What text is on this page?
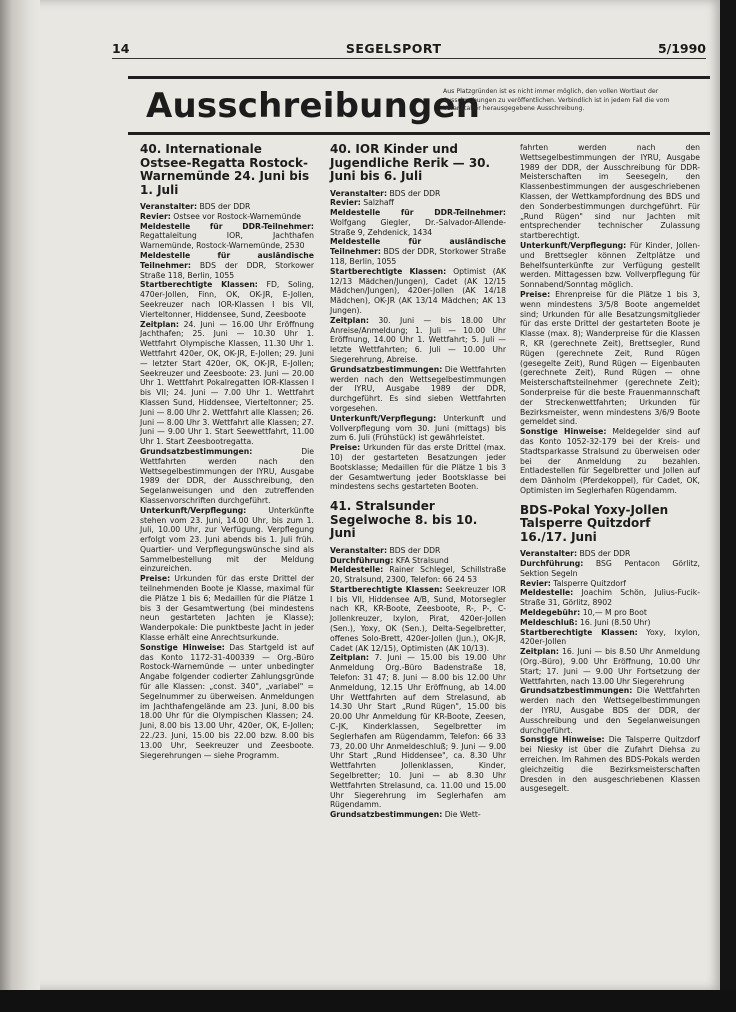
14	SEGELSPORT	5/1990
Ausschreibungen
Aus Platzgründen ist es nicht immer möglich, den vollen Wortlaut der Ausschreibungen zu veröffentlichen. Verbindlich ist in jedem Fall die vom Veranstalter herausgegebene Ausschreibung.
40. Internationale Ostsee-Regatta Rostock-Warnemünde 24. Juni bis 1. Juli

Veranstalter: BDS der DDR

Revier: Ostsee vor Rostock-Warnemünde

Meldestelle für DDR-Teilnehmer: Regattaleitung IOR, Jachthafen Warnemünde, Rostock-Warnemünde, 2530

Meldestelle für ausländische Teilnehmer: BDS der DDR, Storkower Straße 118, Berlin, 1055

Startberechtigte Klassen: FD, Soling, 470er-Jollen, Finn, OK, OK-JR, E-Jollen, Seekreuzer nach IOR-Klassen I bis VII, Vierteltonner, Hiddensee, Sund, Zeesboote

Zeitplan: 24. Juni — 16.00 Uhr Eröffnung Jachthafen; 25. Juni — 10.30 Uhr 1. Wettfahrt Olympische Klassen, 11.30 Uhr 1. Wettfahrt 420er, OK, OK-JR, E-Jollen; 29. Juni — letzter Start 420er, OK, OK-JR, E-Jollen; Seekreuzer und Zeesboote: 23. Juni — 20.00 Uhr 1. Wettfahrt Pokalregatten IOR-Klassen I bis VII; 24. Juni — 7.00 Uhr 1. Wettfahrt Klassen Sund, Hiddensee, Vierteltonner; 25. Juni — 8.00 Uhr 2. Wettfahrt alle Klassen; 26. Juni — 8.00 Uhr 3. Wettfahrt alle Klassen; 27. Juni — 9.00 Uhr 1. Start Seewettfahrt, 11.00 Uhr 1. Start Zeesbootregatta.

Grundsatzbestimmungen: Die Wettfahrten werden nach den Wettsegelbestimmungen der IYRU, Ausgabe 1989 der DDR, der Ausschreibung, den Segelanweisungen und den zutreffenden Klassenvorschriften durchgeführt.

Unterkunft/Verpflegung: Unterkünfte stehen vom 23. Juni, 14.00 Uhr, bis zum 1. Juli, 10.00 Uhr, zur Verfügung. Verpflegung erfolgt vom 23. Juni abends bis 1. Juli früh. Quartier- und Verpflegungswünsche sind als Sammelbestellung mit der Meldung einzureichen.

Preise: Urkunden für das erste Drittel der teilnehmenden Boote je Klasse, maximal für die Plätze 1 bis 6; Medaillen für die Plätze 1 bis 3 der Gesamtwertung (bei mindestens neun gestarteten Jachten je Klasse); Wanderpokale: Die punktbeste Jacht in jeder Klasse erhält eine Anrechtsurkunde.

Sonstige Hinweise: Das Startgeld ist auf das Konto 1172-31-400339 — Org.-Büro Rostock-Warnemünde — unter unbedingter Angabe folgender codierter Zahlungsgründe für alle Klassen: „const. 340", „variabel" = Segelnummer zu überweisen. Anmeldungen im Jachthafengelände am 23. Juni, 8.00 bis 18.00 Uhr für die Olympischen Klassen; 24. Juni, 8.00 bis 13.00 Uhr, 420er, OK, E-Jollen; 22./23. Juni, 15.00 bis 22.00 bzw. 8.00 bis 13.00 Uhr, Seekreuzer und Zeesboote. Siegerehrungen — siehe Programm.

40. IOR Kinder und Jugendliche Rerik — 30. Juni bis 6. Juli

Veranstalter: BDS der DDR

Revier: Salzhaff

Meldestelle für DDR-Teilnehmer: Wolfgang Giegler, Dr.-Salvador-Allende-Straße 9, Zehdenick, 1434

Meldestelle für ausländische Teilnehmer: BDS der DDR, Storkower Straße 118, Berlin, 1055

Startberechtigte Klassen: Optimist (AK 12/13 Mädchen/Jungen), Cadet (AK 12/15 Mädchen/Jungen), 420er-Jollen (AK 14/18 Mädchen), OK-JR (AK 13/14 Mädchen; AK 13 Jungen).

Zeitplan: 30. Juni — bis 18.00 Uhr Anreise/Anmeldung; 1. Juli — 10.00 Uhr Eröffnung, 14.00 Uhr 1. Wettfahrt; 5. Juli — letzte Wettfahrten; 6. Juli — 10.00 Uhr Siegerehrung, Abreise.

Grundsatzbestimmungen: Die Wettfahrten werden nach den Wettsegelbestimmungen der IYRU, Ausgabe 1989 der DDR, durchgeführt. Es sind sieben Wettfahrten vorgesehen.

Unterkunft/Verpflegung: Unterkunft und Vollverpflegung vom 30. Juni (mittags) bis zum 6. Juli (Frühstück) ist gewährleistet.

Preise: Urkunden für das erste Drittel (max. 10) der gestarteten Besatzungen jeder Bootsklasse; Medaillen für die Plätze 1 bis 3 der Gesamtwertung jeder Bootsklasse bei mindestens sechs gestarteten Booten.

41. Stralsunder Segelwoche 8. bis 10. Juni

Veranstalter: BDS der DDR

Durchführung: KFA Stralsund

Meldestelle: Rainer Schlegel, Schillstraße 20, Stralsund, 2300, Telefon: 66 24 53

Startberechtigte Klassen: Seekreuzer IOR I bis VII, Hiddensee A/B, Sund, Motorsegler nach KR, KR-Boote, Zeesboote, R-, P-, C-Jollenkreuzer, Ixylon, Pirat, 420er-Jollen (Sen.), Yoxy, OK (Sen.), Delta-Segelbretter, offenes Solo-Brett, 420er-Jollen (Jun.), OK-JR, Cadet (AK 12/15), Optimisten (AK 10/13).

Zeitplan: 7. Juni — 15.00 bis 19.00 Uhr Anmeldung Org.-Büro Badenstraße 18, Telefon: 31 47; 8. Juni — 8.00 bis 12.00 Uhr Anmeldung, 12.15 Uhr Eröffnung, ab 14.00 Uhr Wettfahrten auf dem Strelasund, ab 14.30 Uhr Start „Rund Rügen", 15.00 bis 20.00 Uhr Anmeldung für KR-Boote, Zeesen, C-JK, Kinderklassen, Segelbretter im Seglerhafen am Rügendamm, Telefon: 66 33 73, 20.00 Uhr Anmeldeschluß; 9. Juni — 9.00 Uhr Start „Rund Hiddensee", ca. 8.30 Uhr Wettfahrten Jollenklassen, Kinder, Segelbretter; 10. Juni — ab 8.30 Uhr Wettfahrten Strelasund, ca. 11.00 und 15.00 Uhr Siegerehrung im Seglerhafen am Rügendamm.

Grundsatzbestimmungen: Die Wett-

fahrten werden nach den Wettsegelbestimmungen der IYRU, Ausgabe 1989 der DDR, der Ausschreibung für DDR-Meisterschaften im Seesegeln, den Klassenbestimmungen der ausgeschriebenen Klassen, der Wettkampfordnung des BDS und den Sonderbestimmungen durchgeführt. Für „Rund Rügen" sind nur Jachten mit entsprechender technischer Zulassung startberechtigt.

Unterkunft/Verpflegung: Für Kinder, Jollen- und Brettsegler können Zeltplätze und Behelfsunterkünfte zur Verfügung gestellt werden. Mittagessen bzw. Vollverpflegung für Sonnabend/Sonntag möglich.

Preise: Ehrenpreise für die Plätze 1 bis 3, wenn mindestens 3/5/8 Boote angemeldet sind; Urkunden für alle Besatzungsmitglieder für das erste Drittel der gestarteten Boote je Klasse (max. 8); Wanderpreise für die Klassen R, KR (gerechnete Zeit), Brettsegler, Rund Rügen (gerechnete Zeit, Rund Rügen (gesegelte Zeit), Rund Rügen — Eigenbauten (gerechnete Zeit), Rund Rügen — ohne Meisterschaftsteilnehmer (gerechnete Zeit); Sonderpreise für die beste Frauenmannschaft der Streckenwettfahrten; Urkunden für Bezirksmeister, wenn mindestens 3/6/9 Boote gemeldet sind.

Sonstige Hinweise: Meldegelder sind auf das Konto 1052-32-179 bei der Kreis- und Stadtsparkasse Stralsund zu überweisen oder bei der Anmeldung zu bezahlen. Entladestellen für Segelbretter und Jollen auf dem Dänholm (Pferdekoppel), für Cadet, OK, Optimisten im Seglerhafen Rügendamm.

BDS-Pokal Yoxy-Jollen Talsperre Quitzdorf 16./17. Juni

Veranstalter: BDS der DDR

Durchführung: BSG Pentacon Görlitz, Sektion Segeln

Revier: Talsperre Quitzdorf

Meldestelle: Joachim Schön, Julius-Fucik-Straße 31, Görlitz, 8902

Meldegebühr: 10,— M pro Boot

Meldeschluß: 16. Juni (8.50 Uhr)

Startberechtigte Klassen: Yoxy, Ixylon, 420er-Jollen

Zeitplan: 16. Juni — bis 8.50 Uhr Anmeldung (Org.-Büro), 9.00 Uhr Eröffnung, 10.00 Uhr Start; 17. Juni — 9.00 Uhr Fortsetzung der Wettfahrten, nach 13.00 Uhr Siegerehrung

Grundsatzbestimmungen: Die Wettfahrten werden nach den Wettsegelbestimmungen der IYRU, Ausgabe BDS der DDR, der Ausschreibung und den Segelanweisungen durchgeführt.

Sonstige Hinweise: Die Talsperre Quitzdorf bei Niesky ist über die Zufahrt Diehsa zu erreichen. Im Rahmen des BDS-Pokals werden gleichzeitig die Bezirksmeisterschaften Dresden in den ausgeschriebenen Klassen ausgesegelt.
